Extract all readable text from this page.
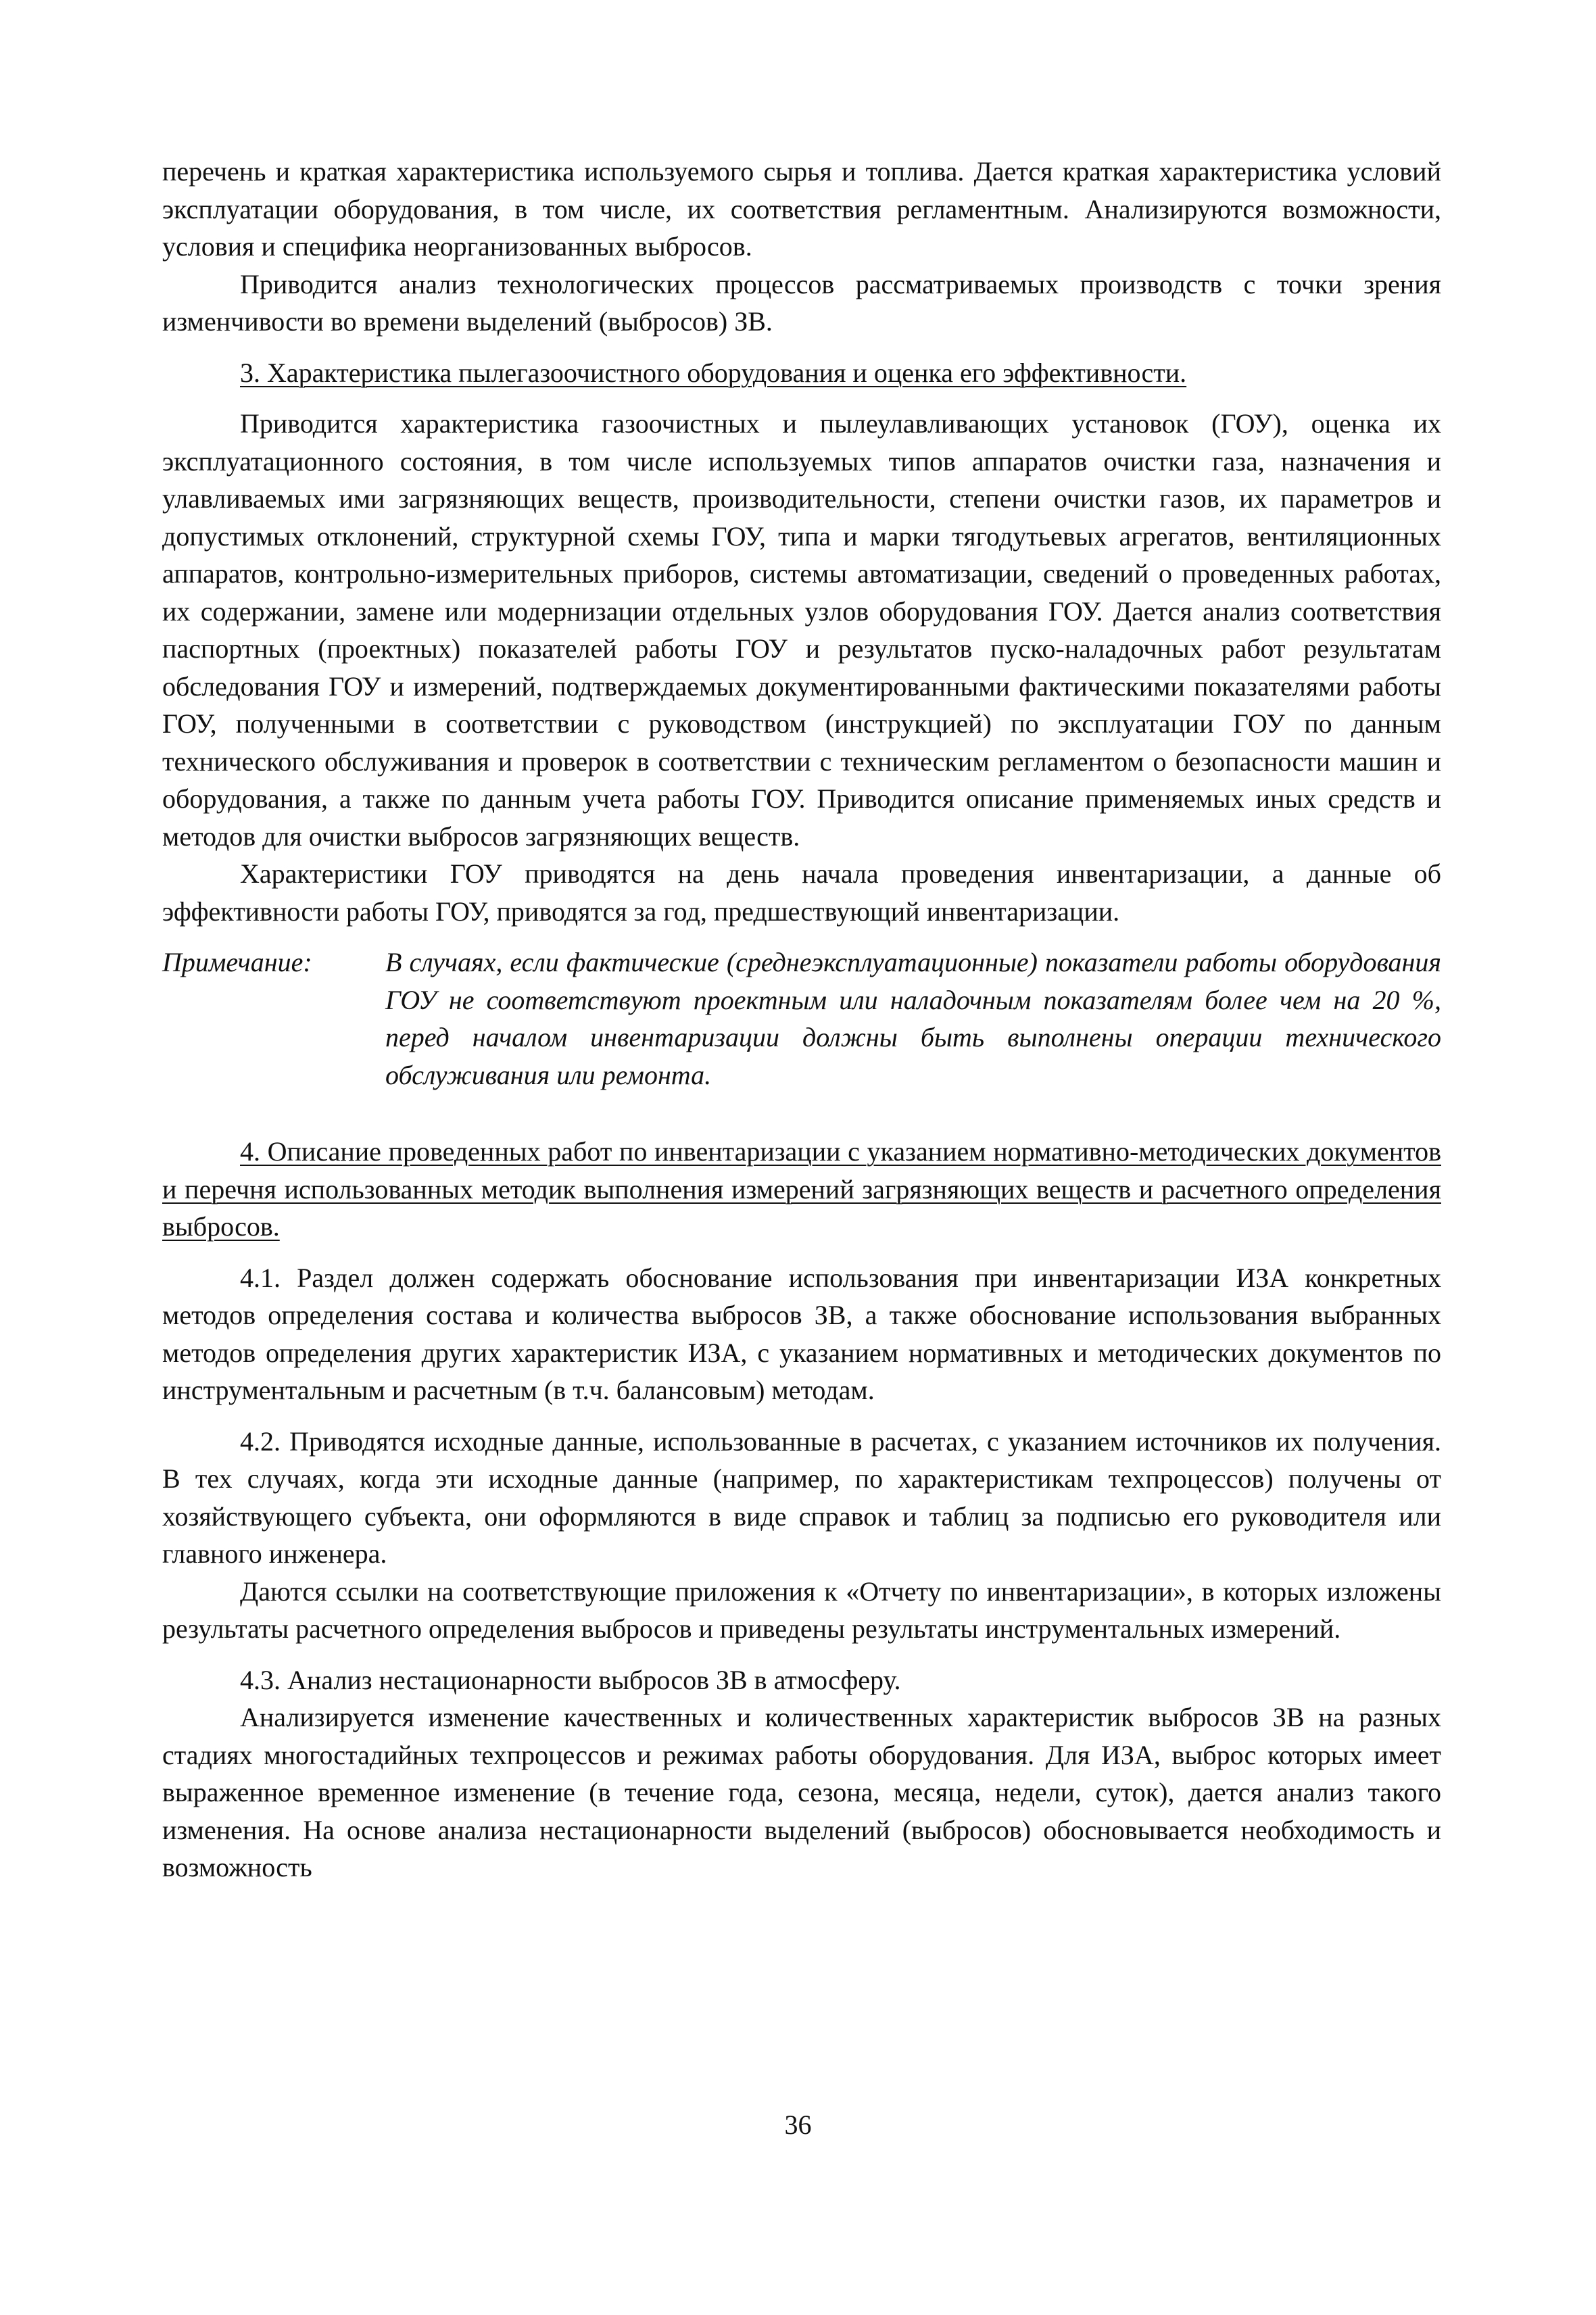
перечень и краткая характеристика используемого сырья и топлива. Дается краткая характеристика условий эксплуатации оборудования, в том числе, их соответствия регламентным. Анализируются возможности, условия и специфика неорганизованных выбросов.

Приводится анализ технологических процессов рассматриваемых производств с точки зрения изменчивости во времени выделений (выбросов) ЗВ.

3. Характеристика пылегазоочистного оборудования и оценка его эффективности.

Приводится характеристика газоочистных и пылеулавливающих установок (ГОУ), оценка их эксплуатационного состояния, в том числе используемых типов аппаратов очистки газа, назначения и улавливаемых ими загрязняющих веществ, производительности, степени очистки газов, их параметров и допустимых отклонений, структурной схемы ГОУ, типа и марки тягодутьевых агрегатов, вентиляционных аппаратов, контрольно-измерительных приборов, системы автоматизации, сведений о проведенных работах, их содержании, замене или модернизации отдельных узлов оборудования ГОУ. Дается анализ соответствия паспортных (проектных) показателей работы ГОУ и результатов пуско-наладочных работ результатам обследования ГОУ и измерений, подтверждаемых документированными фактическими показателями работы ГОУ, полученными в соответствии с руководством (инструкцией) по эксплуатации ГОУ по данным технического обслуживания и проверок в соответствии с техническим регламентом о безопасности машин и оборудования, а также по данным учета работы ГОУ. Приводится описание применяемых иных средств и методов для очистки выбросов загрязняющих веществ.

Характеристики ГОУ приводятся на день начала проведения инвентаризации, а данные об эффективности работы ГОУ, приводятся за год, предшествующий инвентаризации.

Примечание:	В случаях, если фактические (среднеэксплуатационные) показатели работы оборудования ГОУ не соответствуют проектным или наладочным показателям более чем на 20 %, перед началом инвентаризации должны быть выполнены операции технического обслуживания или ремонта.

4. Описание проведенных работ по инвентаризации с указанием нормативно-методических документов и перечня использованных методик выполнения измерений загрязняющих веществ и расчетного определения выбросов.

4.1. Раздел должен содержать обоснование использования при инвентаризации ИЗА конкретных методов определения состава и количества выбросов ЗВ, а также обоснование использования выбранных методов определения других характеристик ИЗА, с указанием нормативных и методических документов по инструментальным и расчетным (в т.ч. балансовым) методам.

4.2. Приводятся исходные данные, использованные в расчетах, с указанием источников их получения. В тех случаях, когда эти исходные данные (например, по характеристикам техпроцессов) получены от хозяйствующего субъекта, они оформляются в виде справок и таблиц за подписью его руководителя или главного инженера.

Даются ссылки на соответствующие приложения к «Отчету по инвентаризации», в которых изложены результаты расчетного определения выбросов и приведены результаты инструментальных измерений.

4.3. Анализ нестационарности выбросов ЗВ в атмосферу.

Анализируется изменение качественных и количественных характеристик выбросов ЗВ на разных стадиях многостадийных техпроцессов и режимах работы оборудования. Для ИЗА, выброс которых имеет выраженное временное изменение (в течение года, сезона, месяца, недели, суток), дается анализ такого изменения. На основе анализа нестационарности выделений (выбросов) обосновывается необходимость и возможность

36
